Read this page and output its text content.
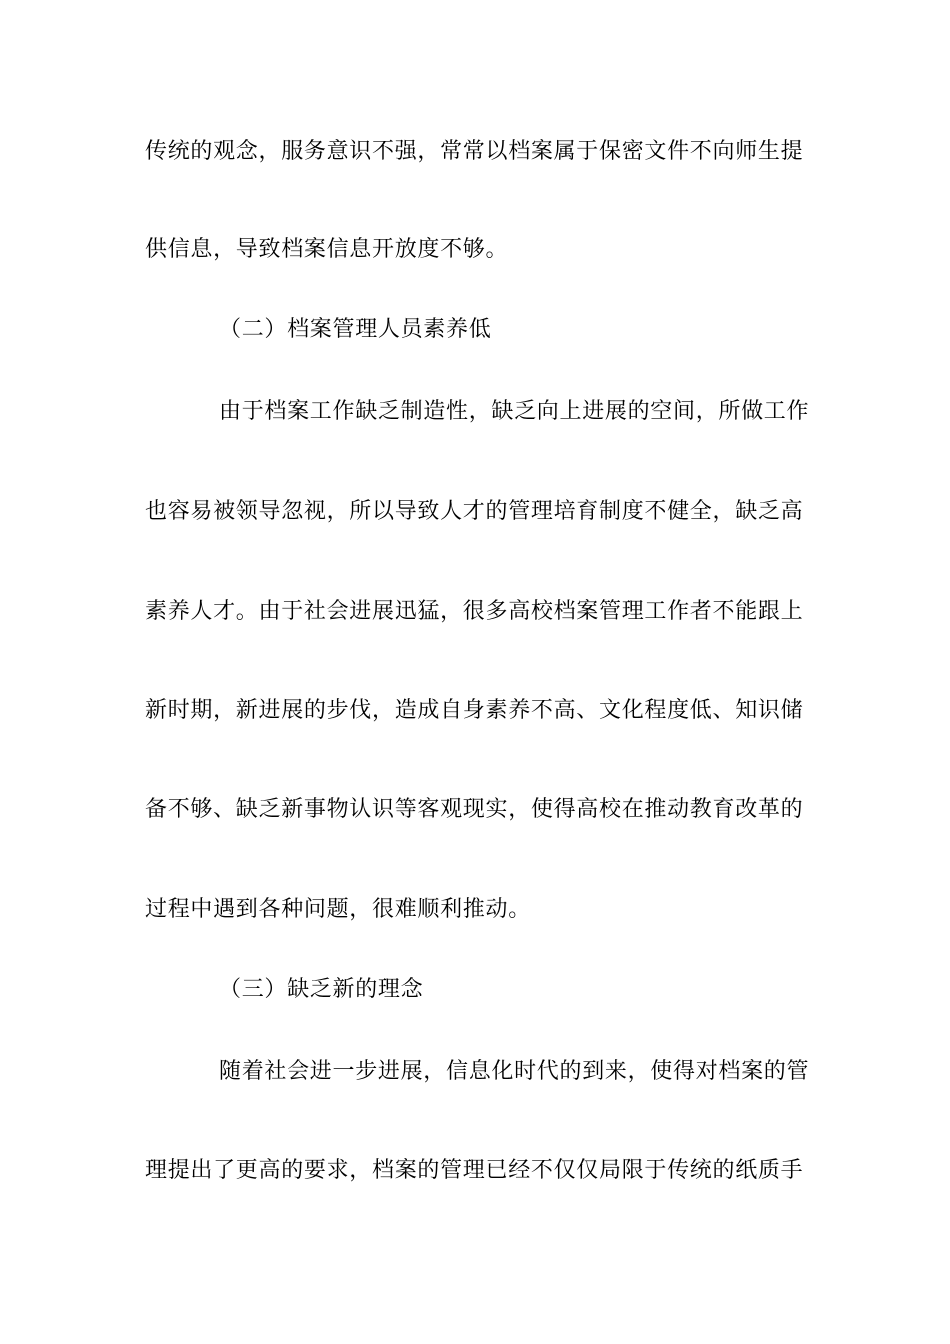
传统的观念，服务意识不强，常常以档案属于保密文件不向师生提
供信息，导致档案信息开放度不够。
（二）档案管理人员素养低
由于档案工作缺乏制造性，缺乏向上进展的空间，所做工作
也容易被领导忽视，所以导致人才的管理培育制度不健全，缺乏高
素养人才。由于社会进展迅猛，很多高校档案管理工作者不能跟上
新时期，新进展的步伐，造成自身素养不高、文化程度低、知识储
备不够、缺乏新事物认识等客观现实，使得高校在推动教育改革的
过程中遇到各种问题，很难顺利推动。
（三）缺乏新的理念
随着社会进一步进展，信息化时代的到来，使得对档案的管
理提出了更高的要求，档案的管理已经不仅仅局限于传统的纸质手
